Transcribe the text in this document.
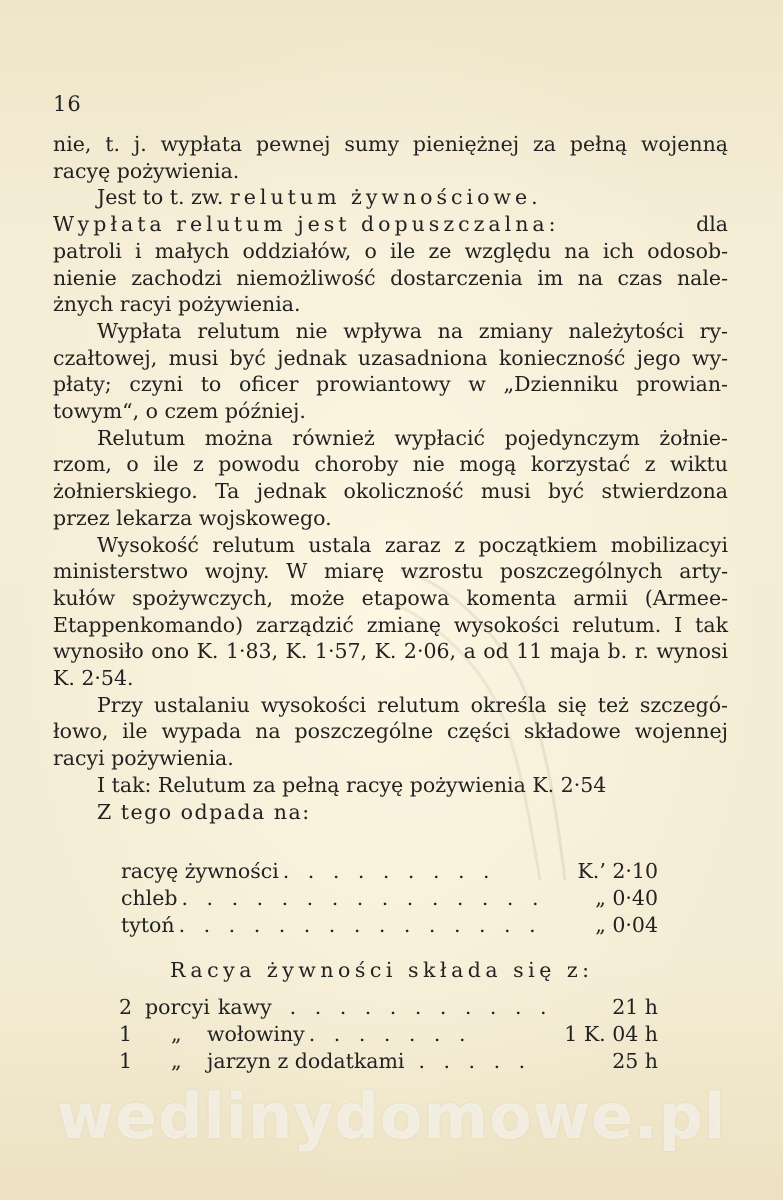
16
nie, t. j. wypłata pewnej sumy pieniężnej za pełną wojenną
racyę pożywienia.
Jest to t. zw. relutum żywnościowe.
Wypłata relutum jest dopuszczalna:	dla
patroli i małych oddziałów, o ile ze względu na ich odosob-
nienie zachodzi niemożliwość dostarczenia im na czas nale-
żnych racyi pożywienia.
Wypłata relutum nie wpływa na zmiany należytości ry-
czałtowej, musi być jednak uzasadniona konieczność jego wy-
płaty; czyni to oficer prowiantowy w „Dzienniku prowian-
towym“, o czem później.
Relutum można również wypłacić pojedynczym żołnie-
rzom, o ile z powodu choroby nie mogą korzystać z wiktu
żołnierskiego. Ta jednak okoliczność musi być stwierdzona
przez lekarza wojskowego.
Wysokość relutum ustala zaraz z początkiem mobilizacyi
ministerstwo wojny. W miarę wzrostu poszczególnych arty-
kułów spożywczych, może etapowa komenta armii (Armee-
Etappenkomando) zarządzić zmianę wysokości relutum. I tak
wynosiło ono K. 1·83, K. 1·57, K. 2·06, a od 11 maja b. r. wynosi
K. 2·54.
Przy ustalaniu wysokości relutum określa się też szczegó-
łowo, ile wypada na poszczególne części składowe wojennej
racyi pożywienia.
I tak: Relutum za pełną racyę pożywienia K. 2·54
Z tego odpada na:
racyę żywności . . . . . . . . .	K.’ 2·10
chleb . . . . . . . . . . . . . . .	„ 0·40
tytoń . . . . . . . . . . . . . . .	„ 0·04
Racya żywności składa się z:
2 porcyi kawy . . . . . . . . . . .	21 h
1	„	wołowiny . . . . . . .	1 K. 04 h
1	„	jarzyn z dodatkami . . . . .	25 h
wedlinydomowe.pl
